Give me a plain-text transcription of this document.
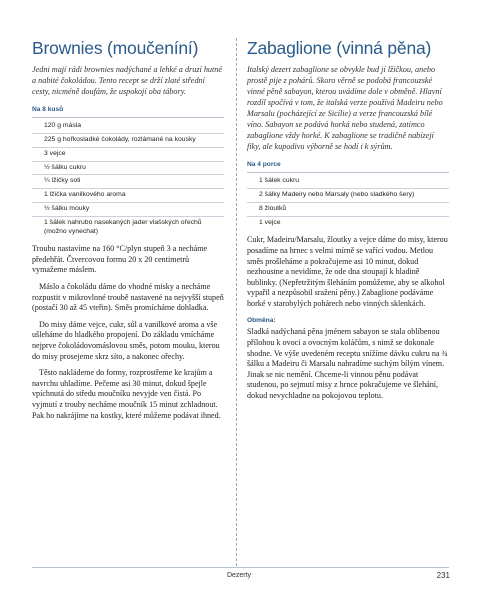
Brownies (moučeníní)

Jedni mají rádi brownies nadýchané a lehké a druzí hutné a nabité čokoládou. Tento recept se drží zlaté střední cesty, nicméně doufám, že uspokojí oba tábory.

Na 8 kusů

120 g másla
225 g hořkosladké čokolády, rozlámané na kousky
3 vejce
½ šálku cukru
¼ lžičky soli
1 lžička vanilkového aroma
½ šálku mouky
1 šálek nahrubo nasekaných jader vlašských ořechů (možno vynechat)

Troubu nastavíme na 160 °C/plyn stupeň 3 a necháme předehřát. Čtvercovou formu 20 x 20 centimetrů vymažeme máslem.

Máslo a čokoládu dáme do vhodné misky a necháme rozpustit v mikrovlnné troubě nastavené na nejvyšší stupeň (postačí 30 až 45 vteřin). Směs promícháme dohladka.

Do misy dáme vejce, cukr, sůl a vanilkové aroma a vše ušleháme do hladkého propojení. Do základu vmícháme nejprve čokoládovomáslovou směs, potom mouku, kterou do misy prosejeme skrz síto, a nakonec ořechy.

Těsto nakládeme do formy, rozprostřeme ke krajům a navrchu uhladíme. Pečeme asi 30 minut, dokud špejle vpíchnutá do středu moučníku nevyjde ven čistá. Po vyjmutí z trouby necháme moučník 15 minut zchladnout. Pak ho nakrájíme na kostky, které můžeme podávat ihned.

Zabaglione (vinná pěna)

Italský dezert zabaglione se obvykle bud jí lžičkou, anebo prostě pije z pohárů. Skoro věrně se podobá francouzské vinné pěně sabayon, kterou uvádíme dole v obměně. Hlavní rozdíl spočívá v tom, že italská verze používá Madeiru nebo Marsalu (pocházející ze Sicílie) a verze francouzská bílé víno. Sabayon se podává horká nebo studená, zatímco zabaglione vždy horké. K zabaglione se tradičně nabízejí fiky, ale kupodivu výborně se hodí i k sýrům.

Na 4 porce

1 šálek cukru
2 šálky Madeiry nebo Marsaly (nebo sladkého šery)
8 žloutků
1 vejce

Cukr, Madeiru/Marsalu, žloutky a vejce dáme do misy, kterou posadíme na hrnec s velmi mírně se vařící vodou. Metlou směs prošleháme a pokračujeme asi 10 minut, dokud nezhoustne a nevidíme, že ode dna stoupají k hladině bublinky. (Nepřetržitým šleháním pomůžeme, aby se alkohol vypařil a nezpůsobil sražení pěny.) Zabaglione podáváme horké v starobylých pohárech nebo vinných sklenkách.

Obměna:

Sladká nadýchaná pěna jménem sabayon se stala oblíbenou přílohou k ovoci a ovocným koláčům, s nimž se dokonale shodne. Ve výše uvedeném receptu snížíme dávku cukru na ¾ šálku a Madeiru či Marsalu nahradíme suchým bílým vínem. Jinak se nic nemění. Chceme-li vinnou pěnu podávat studenou, po sejmutí misy z hrnce pokračujeme ve šlehání, dokud nevychladne na pokojovou teplotu.

Dezerty	231
